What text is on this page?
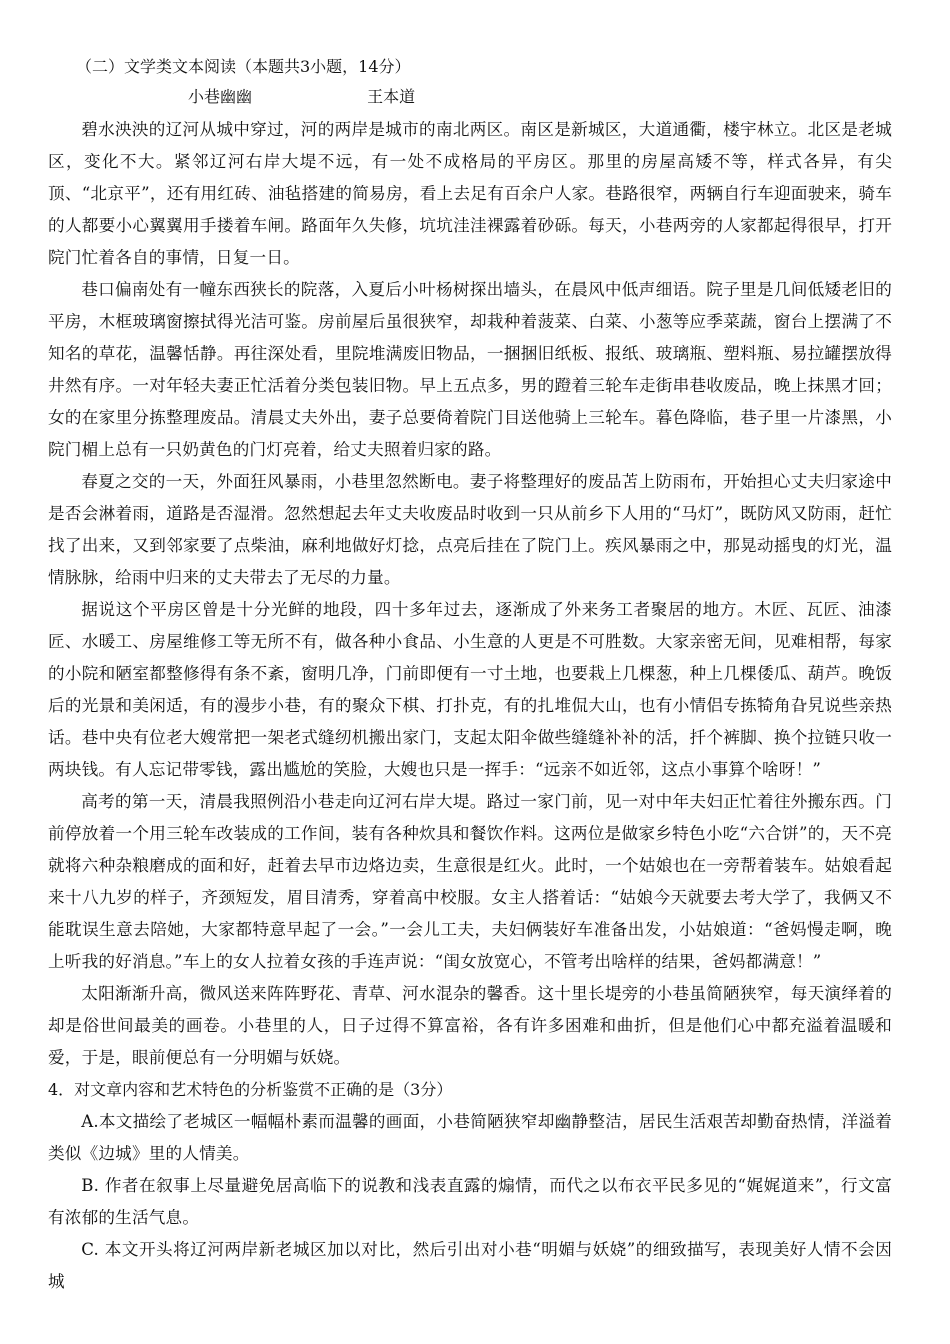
（二）文学类文本阅读（本题共3小题，14分）
小巷幽幽	王本道

碧水泱泱的辽河从城中穿过，河的两岸是城市的南北两区。南区是新城区，大道通衢，楼宇林立。北区是老城区，变化不大。紧邻辽河右岸大堤不远，有一处不成格局的平房区。那里的房屋高矮不等，样式各异，有尖顶、“北京平”，还有用红砖、油毡搭建的简易房，看上去足有百余户人家。巷路很窄，两辆自行车迎面驶来，骑车的人都要小心翼翼用手搂着车闸。路面年久失修，坑坑洼洼裸露着砂砾。每天，小巷两旁的人家都起得很早，打开院门忙着各自的事情，日复一日。

巷口偏南处有一幢东西狭长的院落，入夏后小叶杨树探出墙头，在晨风中低声细语。院子里是几间低矮老旧的平房，木框玻璃窗擦拭得光洁可鉴。房前屋后虽很狭窄，却栽种着菠菜、白菜、小葱等应季菜蔬，窗台上摆满了不知名的草花，温馨恬静。再往深处看，里院堆满废旧物品，一捆捆旧纸板、报纸、玻璃瓶、塑料瓶、易拉罐摆放得井然有序。一对年轻夫妻正忙活着分类包装旧物。早上五点多，男的蹬着三轮车走街串巷收废品，晚上抹黑才回；女的在家里分拣整理废品。清晨丈夫外出，妻子总要倚着院门目送他骑上三轮车。暮色降临，巷子里一片漆黑，小院门楣上总有一只奶黄色的门灯亮着，给丈夫照着归家的路。

春夏之交的一天，外面狂风暴雨，小巷里忽然断电。妻子将整理好的废品苫上防雨布，开始担心丈夫归家途中是否会淋着雨，道路是否湿滑。忽然想起去年丈夫收废品时收到一只从前乡下人用的“马灯”，既防风又防雨，赶忙找了出来，又到邻家要了点柴油，麻利地做好灯捻，点亮后挂在了院门上。疾风暴雨之中，那晃动摇曳的灯光，温情脉脉，给雨中归来的丈夫带去了无尽的力量。

据说这个平房区曾是十分光鲜的地段，四十多年过去，逐渐成了外来务工者聚居的地方。木匠、瓦匠、油漆匠、水暖工、房屋维修工等无所不有，做各种小食品、小生意的人更是不可胜数。大家亲密无间，见难相帮，每家的小院和陋室都整修得有条不紊，窗明几净，门前即便有一寸土地，也要栽上几棵葱，种上几棵倭瓜、葫芦。晚饭后的光景和美闲适，有的漫步小巷，有的聚众下棋、打扑克，有的扎堆侃大山，也有小情侣专拣犄角旮旯说些亲热话。巷中央有位老大嫂常把一架老式缝纫机搬出家门，支起太阳伞做些缝缝补补的活，扦个裤脚、换个拉链只收一两块钱。有人忘记带零钱，露出尴尬的笑脸，大嫂也只是一挥手：“远亲不如近邻，这点小事算个啥呀！”

高考的第一天，清晨我照例沿小巷走向辽河右岸大堤。路过一家门前，见一对中年夫妇正忙着往外搬东西。门前停放着一个用三轮车改装成的工作间，装有各种炊具和餐饮作料。这两位是做家乡特色小吃“六合饼”的，天不亮就将六种杂粮磨成的面和好，赶着去早市边烙边卖，生意很是红火。此时，一个姑娘也在一旁帮着装车。姑娘看起来十八九岁的样子，齐颈短发，眉目清秀，穿着高中校服。女主人搭着话：“姑娘今天就要去考大学了，我俩又不能耽误生意去陪她，大家都特意早起了一会。”一会儿工夫，夫妇俩装好车准备出发，小姑娘道：“爸妈慢走啊，晚上听我的好消息。”车上的女人拉着女孩的手连声说：“闺女放宽心，不管考出啥样的结果，爸妈都满意！”

太阳渐渐升高，微风送来阵阵野花、青草、河水混杂的馨香。这十里长堤旁的小巷虽简陋狭窄，每天演绎着的却是俗世间最美的画卷。小巷里的人，日子过得不算富裕，各有许多困难和曲折，但是他们心中都充溢着温暖和爱，于是，眼前便总有一分明媚与妖娆。

4．对文章内容和艺术特色的分析鉴赏不正确的是（3分）

A.本文描绘了老城区一幅幅朴素而温馨的画面，小巷简陋狭窄却幽静整洁，居民生活艰苦却勤奋热情，洋溢着类似《边城》里的人情美。

B. 作者在叙事上尽量避免居高临下的说教和浅表直露的煽情，而代之以布衣平民多见的“娓娓道来”，行文富有浓郁的生活气息。

C. 本文开头将辽河两岸新老城区加以对比，然后引出对小巷“明媚与妖娆”的细致描写，表现美好人情不会因城
